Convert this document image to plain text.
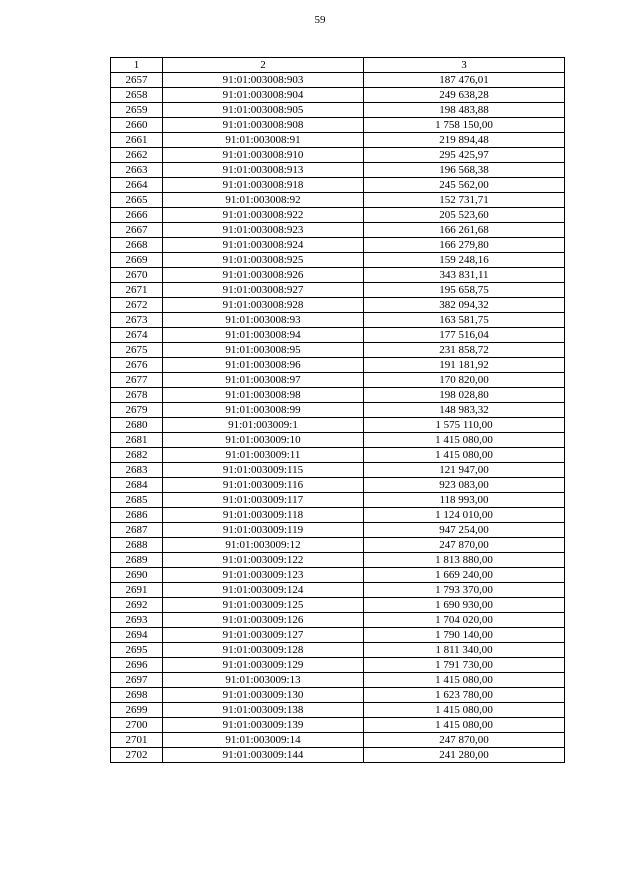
59
1	2	3
2657	91:01:003008:903	187 476,01
2658	91:01:003008:904	249 638,28
2659	91:01:003008:905	198 483,88
2660	91:01:003008:908	1 758 150,00
2661	91:01:003008:91	219 894,48
2662	91:01:003008:910	295 425,97
2663	91:01:003008:913	196 568,38
2664	91:01:003008:918	245 562,00
2665	91:01:003008:92	152 731,71
2666	91:01:003008:922	205 523,60
2667	91:01:003008:923	166 261,68
2668	91:01:003008:924	166 279,80
2669	91:01:003008:925	159 248,16
2670	91:01:003008:926	343 831,11
2671	91:01:003008:927	195 658,75
2672	91:01:003008:928	382 094,32
2673	91:01:003008:93	163 581,75
2674	91:01:003008:94	177 516,04
2675	91:01:003008:95	231 858,72
2676	91:01:003008:96	191 181,92
2677	91:01:003008:97	170 820,00
2678	91:01:003008:98	198 028,80
2679	91:01:003008:99	148 983,32
2680	91:01:003009:1	1 575 110,00
2681	91:01:003009:10	1 415 080,00
2682	91:01:003009:11	1 415 080,00
2683	91:01:003009:115	121 947,00
2684	91:01:003009:116	923 083,00
2685	91:01:003009:117	118 993,00
2686	91:01:003009:118	1 124 010,00
2687	91:01:003009:119	947 254,00
2688	91:01:003009:12	247 870,00
2689	91:01:003009:122	1 813 880,00
2690	91:01:003009:123	1 669 240,00
2691	91:01:003009:124	1 793 370,00
2692	91:01:003009:125	1 690 930,00
2693	91:01:003009:126	1 704 020,00
2694	91:01:003009:127	1 790 140,00
2695	91:01:003009:128	1 811 340,00
2696	91:01:003009:129	1 791 730,00
2697	91:01:003009:13	1 415 080,00
2698	91:01:003009:130	1 623 780,00
2699	91:01:003009:138	1 415 080,00
2700	91:01:003009:139	1 415 080,00
2701	91:01:003009:14	247 870,00
2702	91:01:003009:144	241 280,00
